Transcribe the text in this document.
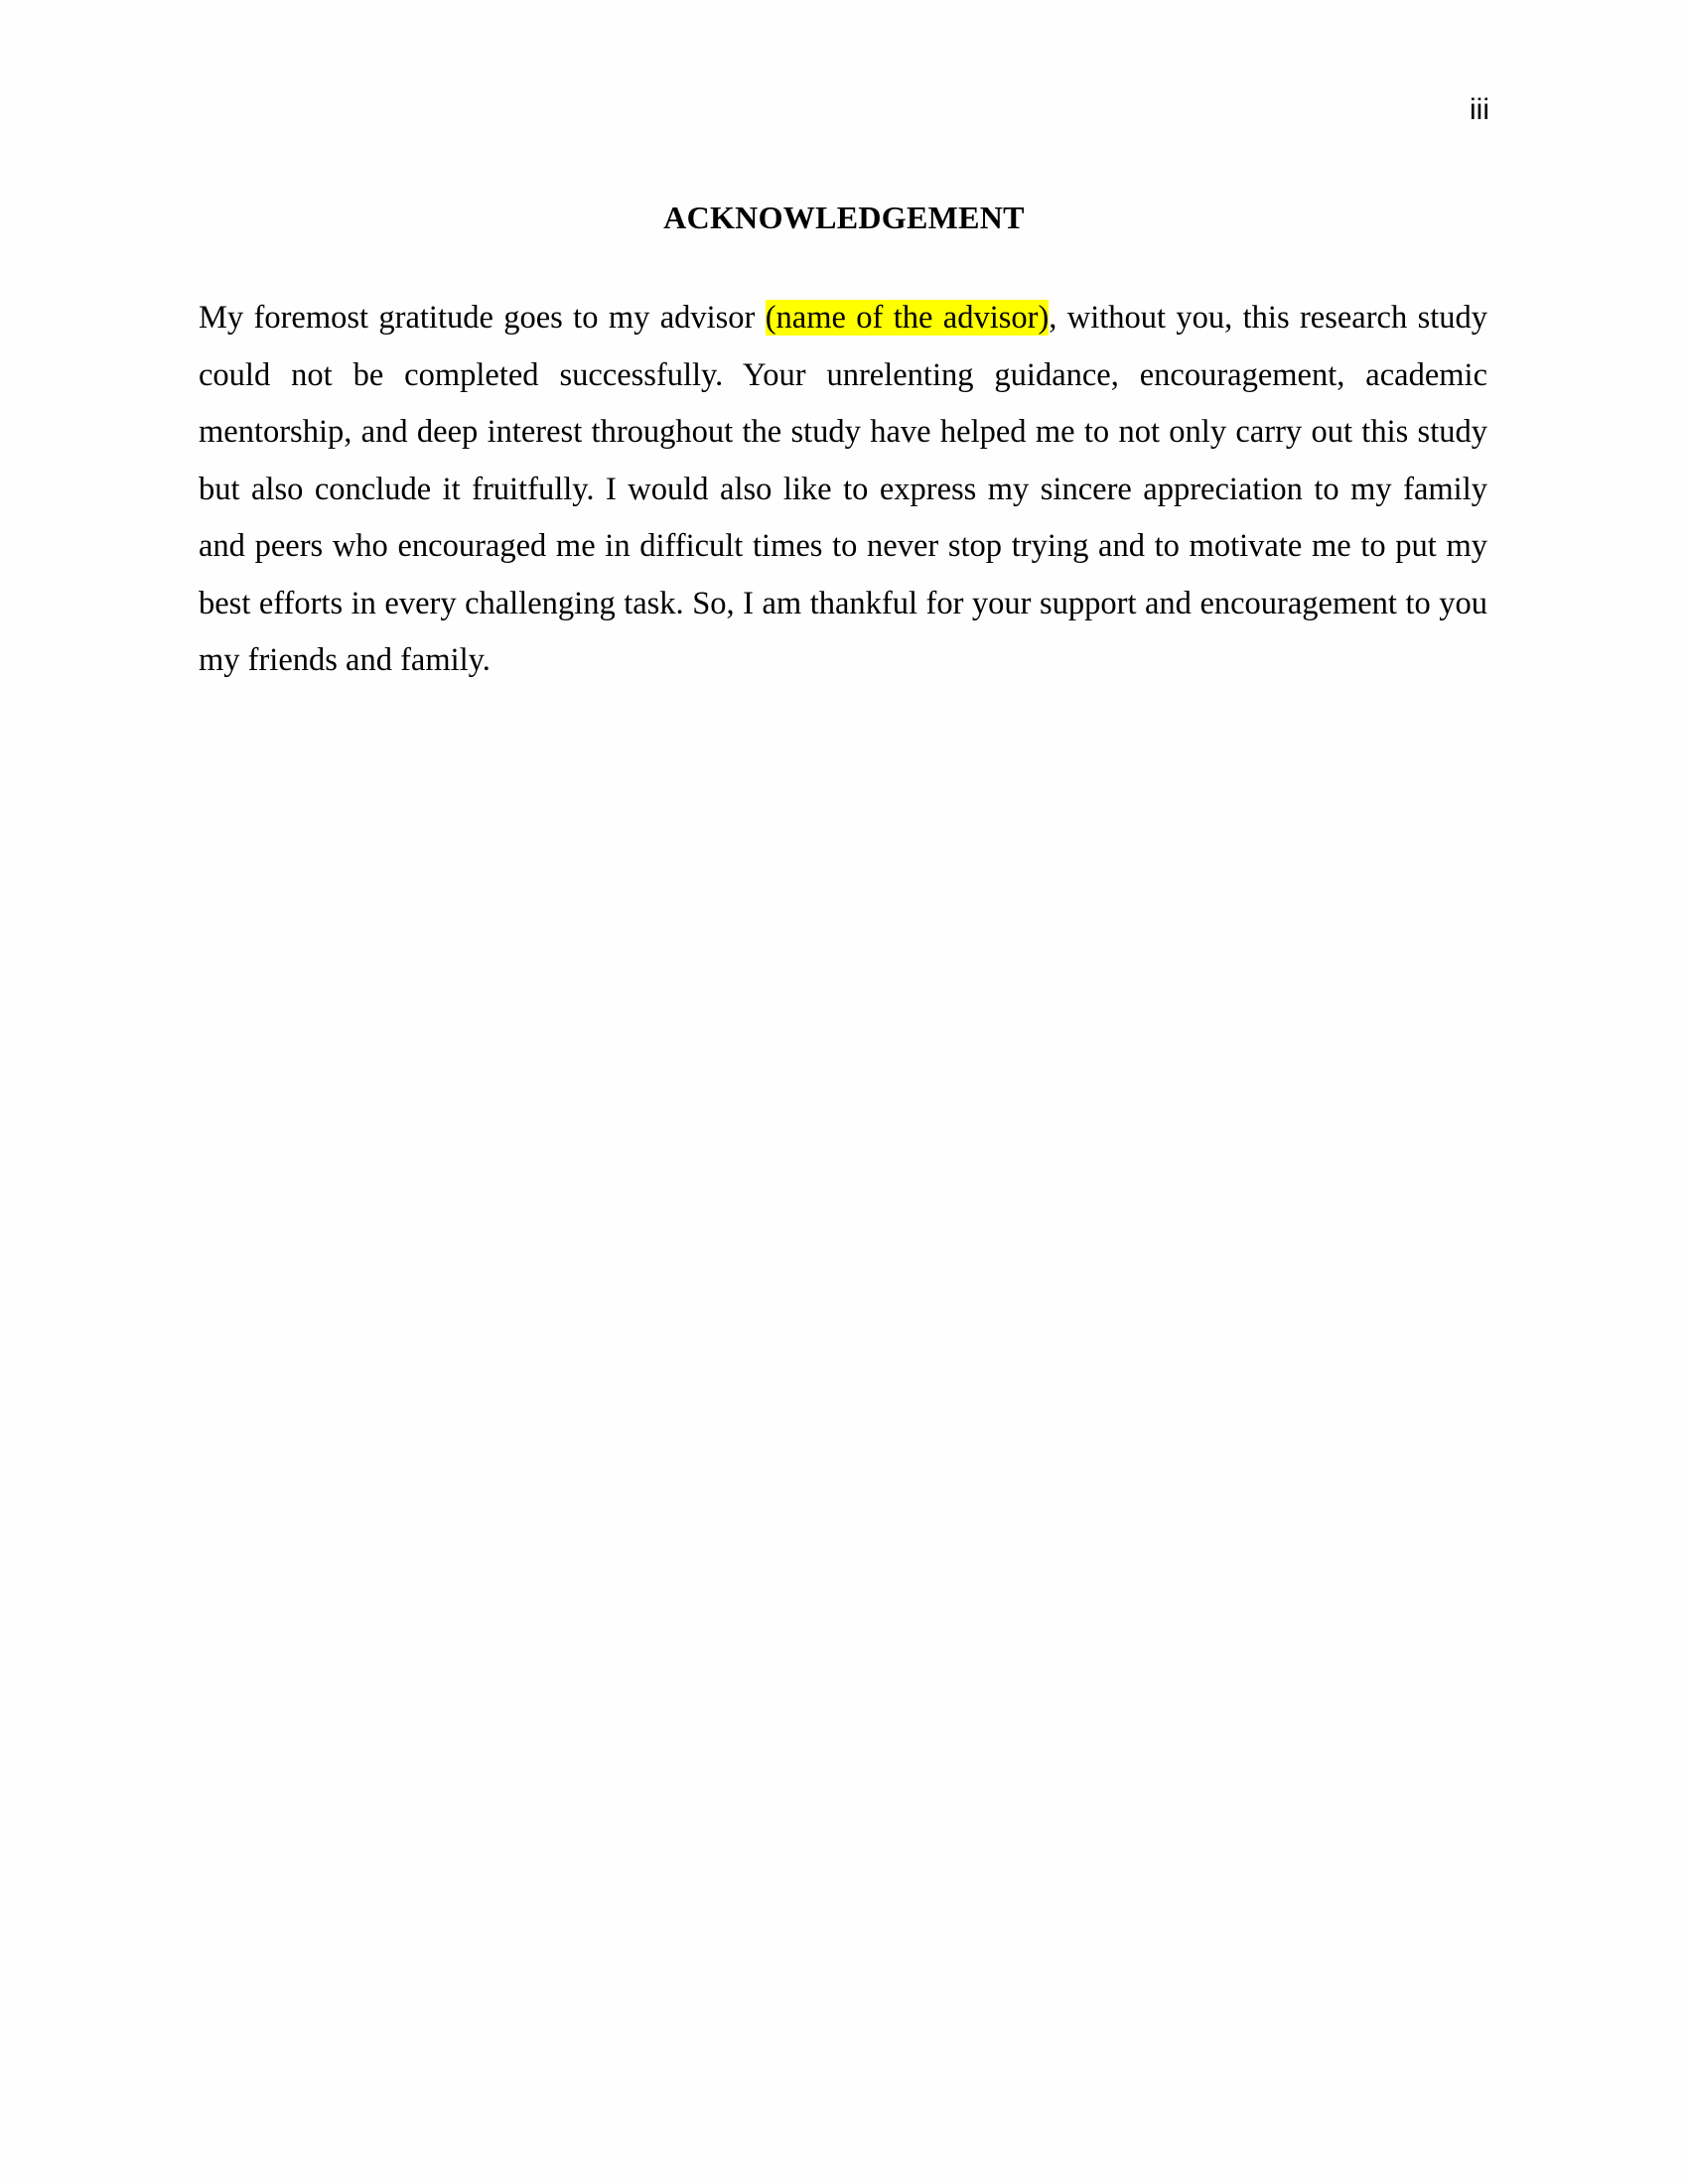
iii
ACKNOWLEDGEMENT

My foremost gratitude goes to my advisor (name of the advisor), without you, this research study could not be completed successfully. Your unrelenting guidance, encouragement, academic mentorship, and deep interest throughout the study have helped me to not only carry out this study but also conclude it fruitfully. I would also like to express my sincere appreciation to my family and peers who encouraged me in difficult times to never stop trying and to motivate me to put my best efforts in every challenging task. So, I am thankful for your support and encouragement to you my friends and family.
